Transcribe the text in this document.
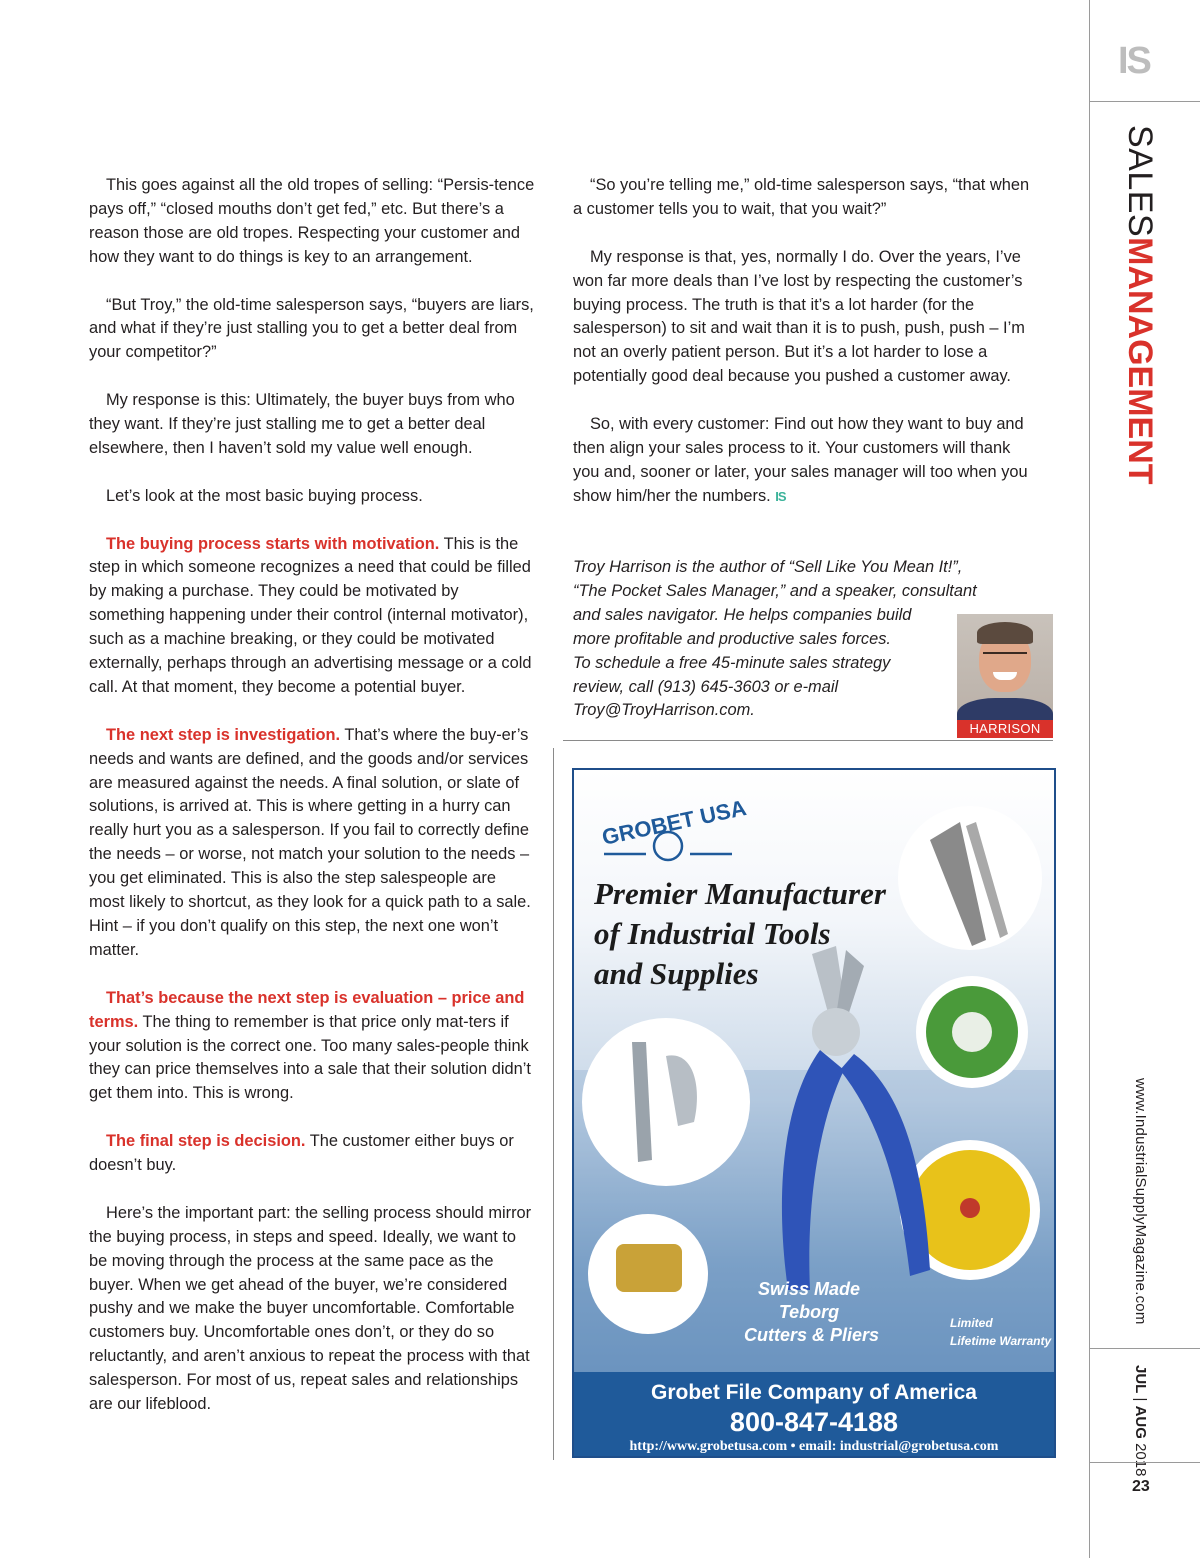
IS
SALESMANAGEMENT
www.IndustrialSupplyMagazine.com
JUL | AUG 2018
23

This goes against all the old tropes of selling: “Persis-tence pays off,” “closed mouths don’t get fed,” etc. But there’s a reason those are old tropes. Respecting your customer and how they want to do things is key to an arrangement.

“But Troy,” the old-time salesperson says, “buyers are liars, and what if they’re just stalling you to get a better deal from your competitor?”

My response is this: Ultimately, the buyer buys from who they want. If they’re just stalling me to get a better deal elsewhere, then I haven’t sold my value well enough.

Let’s look at the most basic buying process.

The buying process starts with motivation. This is the step in which someone recognizes a need that could be filled by making a purchase. They could be motivated by something happening under their control (internal motivator), such as a machine breaking, or they could be motivated externally, perhaps through an advertising message or a cold call. At that moment, they become a potential buyer.

The next step is investigation. That’s where the buy-er’s needs and wants are defined, and the goods and/or services are measured against the needs. A final solution, or slate of solutions, is arrived at. This is where getting in a hurry can really hurt you as a salesperson. If you fail to correctly define the needs – or worse, not match your solution to the needs – you get eliminated. This is also the step salespeople are most likely to shortcut, as they look for a quick path to a sale. Hint – if you don’t qualify on this step, the next one won’t matter.

That’s because the next step is evaluation – price and terms. The thing to remember is that price only mat-ters if your solution is the correct one. Too many sales-people think they can price themselves into a sale that their solution didn’t get them into. This is wrong.

The final step is decision. The customer either buys or doesn’t buy.

Here’s the important part: the selling process should mirror the buying process, in steps and speed. Ideally, we want to be moving through the process at the same pace as the buyer. When we get ahead of the buyer, we’re considered pushy and we make the buyer uncomfortable. Comfortable customers buy. Uncomfortable ones don’t, or they do so reluctantly, and aren’t anxious to repeat the process with that salesperson. For most of us, repeat sales and relationships are our lifeblood.

“So you’re telling me,” old-time salesperson says, “that when a customer tells you to wait, that you wait?”

My response is that, yes, normally I do. Over the years, I’ve won far more deals than I’ve lost by respecting the customer’s buying process. The truth is that it’s a lot harder (for the salesperson) to sit and wait than it is to push, push, push – I’m not an overly patient person. But it’s a lot harder to lose a potentially good deal because you pushed a customer away.

So, with every customer: Find out how they want to buy and then align your sales process to it. Your customers will thank you and, sooner or later, your sales manager will too when you show him/her the numbers. IS

Troy Harrison is the author of “Sell Like You Mean It!”,
“The Pocket Sales Manager,” and a speaker, consultant
and sales navigator. He helps companies build
more profitable and productive sales forces.
To schedule a free 45-minute sales strategy
review, call (913) 645-3603 or e-mail
Troy@TroyHarrison.com.
HARRISON
GROBET USA
Premier Manufacturer
of Industrial Tools
and Supplies
Swiss Made
Teborg
Cutters & Pliers
Limited
Lifetime Warranty
Grobet File Company of America
800-847-4188
http://www.grobetusa.com • email: industrial@grobetusa.com
